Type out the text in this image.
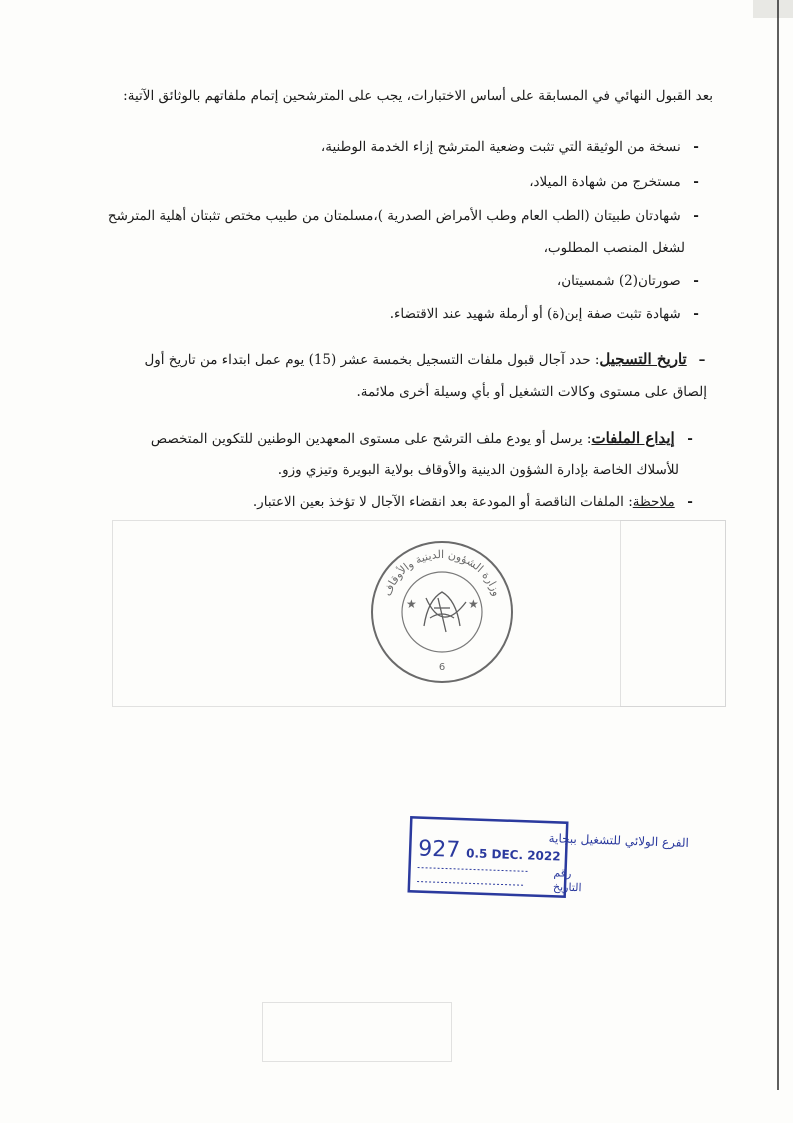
بعد القبول النهائي في المسابقة على أساس الاختبارات، يجب على المترشحين إتمام ملفاتهم بالوثائق الآتية:
- نسخة من الوثيقة التي تثبت وضعية المترشح إزاء الخدمة الوطنية،
- مستخرج من شهادة الميلاد،
- شهادتان طبيتان (الطب العام وطب الأمراض الصدرية )،مسلمتان من طبيب مختص تثبتان أهلية المترشح
لشغل المنصب المطلوب،
- صورتان(2) شمسيتان،
- شهادة تثبت صفة إبن(ة) أو أرملة شهيد عند الاقتضاء.
– تاريخ التسجيل: حدد آجال قبول ملفات التسجيل بخمسة عشر (15) يوم عمل ابتداء من تاريخ أول
إلصاق على مستوى وكالات التشغيل أو بأي وسيلة أخرى ملائمة.
- إيداع الملفات: يرسل أو يودع ملف الترشح على مستوى المعهدين الوطنين للتكوين المتخصص
للأسلاك الخاصة بإدارة الشؤون الدينية والأوقاف بولاية البويرة وتيزي وزو.
- ملاحظة: الملفات الناقصة أو المودعة بعد انقضاء الآجال لا تؤخذ بعين الاعتبار.
وزارة الشؤون الدينية والأوقاف
★	★
6
الفرع الولائي للتشغيل ببجاية
927 0.5 DEC. 2022
رقم
التاريخ
